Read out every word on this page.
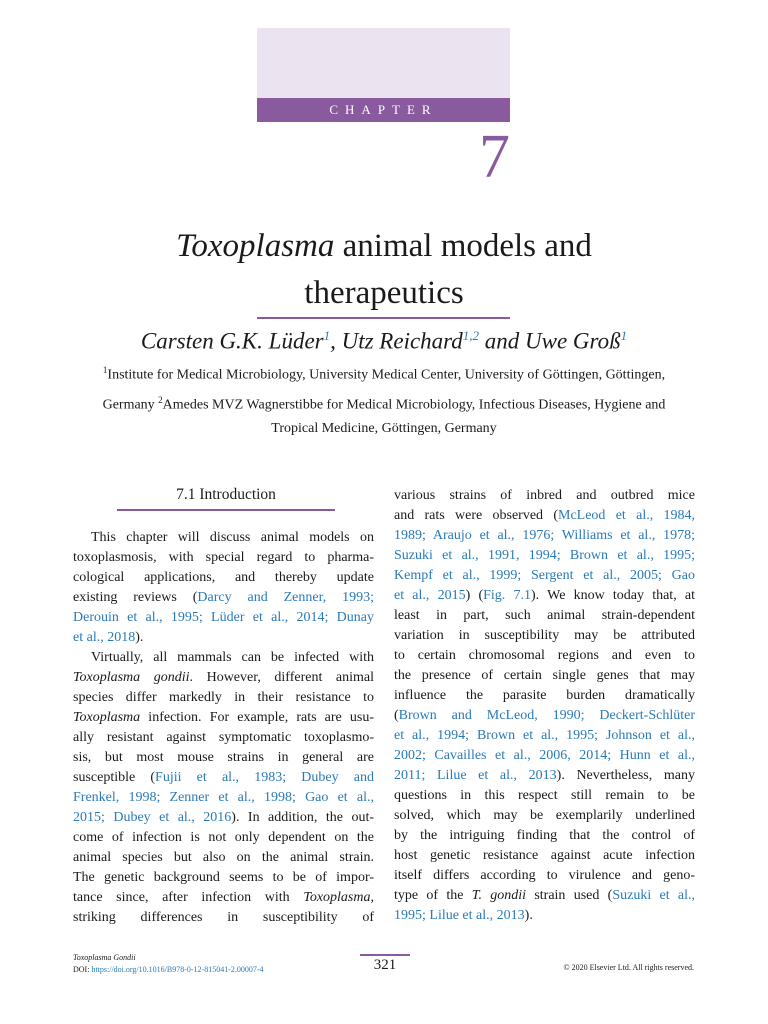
CHAPTER
7
Toxoplasma animal models and
therapeutics
Carsten G.K. Lüder$^1$, Utz Reichard$^{1,2}$ and Uwe Groß$^1$
$^1$Institute for Medical Microbiology, University Medical Center, University of Göttingen, Göttingen,
Germany $^2$Amedes MVZ Wagnerstibbe for Medical Microbiology, Infectious Diseases, Hygiene and
Tropical Medicine, Göttingen, Germany
7.1 Introduction
This chapter will discuss animal models on
toxoplasmosis, with special regard to pharma-
cological applications, and thereby update
existing reviews (Darcy and Zenner, 1993;
Derouin et al., 1995; Lüder et al., 2014; Dunay
et al., 2018).
Virtually, all mammals can be infected with
Toxoplasma gondii. However, different animal
species differ markedly in their resistance to
Toxoplasma infection. For example, rats are usu-
ally resistant against symptomatic toxoplasmo-
sis, but most mouse strains in general are
susceptible (Fujii et al., 1983; Dubey and
Frenkel, 1998; Zenner et al., 1998; Gao et al.,
2015; Dubey et al., 2016). In addition, the out-
come of infection is not only dependent on the
animal species but also on the animal strain.
The genetic background seems to be of impor-
tance since, after infection with Toxoplasma,
striking differences in susceptibility of
various strains of inbred and outbred mice
and rats were observed (McLeod et al., 1984,
1989; Araujo et al., 1976; Williams et al., 1978;
Suzuki et al., 1991, 1994; Brown et al., 1995;
Kempf et al., 1999; Sergent et al., 2005; Gao
et al., 2015) (Fig. 7.1). We know today that, at
least in part, such animal strain-dependent
variation in susceptibility may be attributed
to certain chromosomal regions and even to
the presence of certain single genes that may
influence the parasite burden dramatically
(Brown and McLeod, 1990; Deckert-Schlüter
et al., 1994; Brown et al., 1995; Johnson et al.,
2002; Cavailles et al., 2006, 2014; Hunn et al.,
2011; Lilue et al., 2013). Nevertheless, many
questions in this respect still remain to be
solved, which may be exemplarily underlined
by the intriguing finding that the control of
host genetic resistance against acute infection
itself differs according to virulence and geno-
type of the T. gondii strain used (Suzuki et al.,
1995; Lilue et al., 2013).
Toxoplasma Gondii
DOI: https://doi.org/10.1016/B978-0-12-815041-2.00007-4	321	© 2020 Elsevier Ltd. All rights reserved.
